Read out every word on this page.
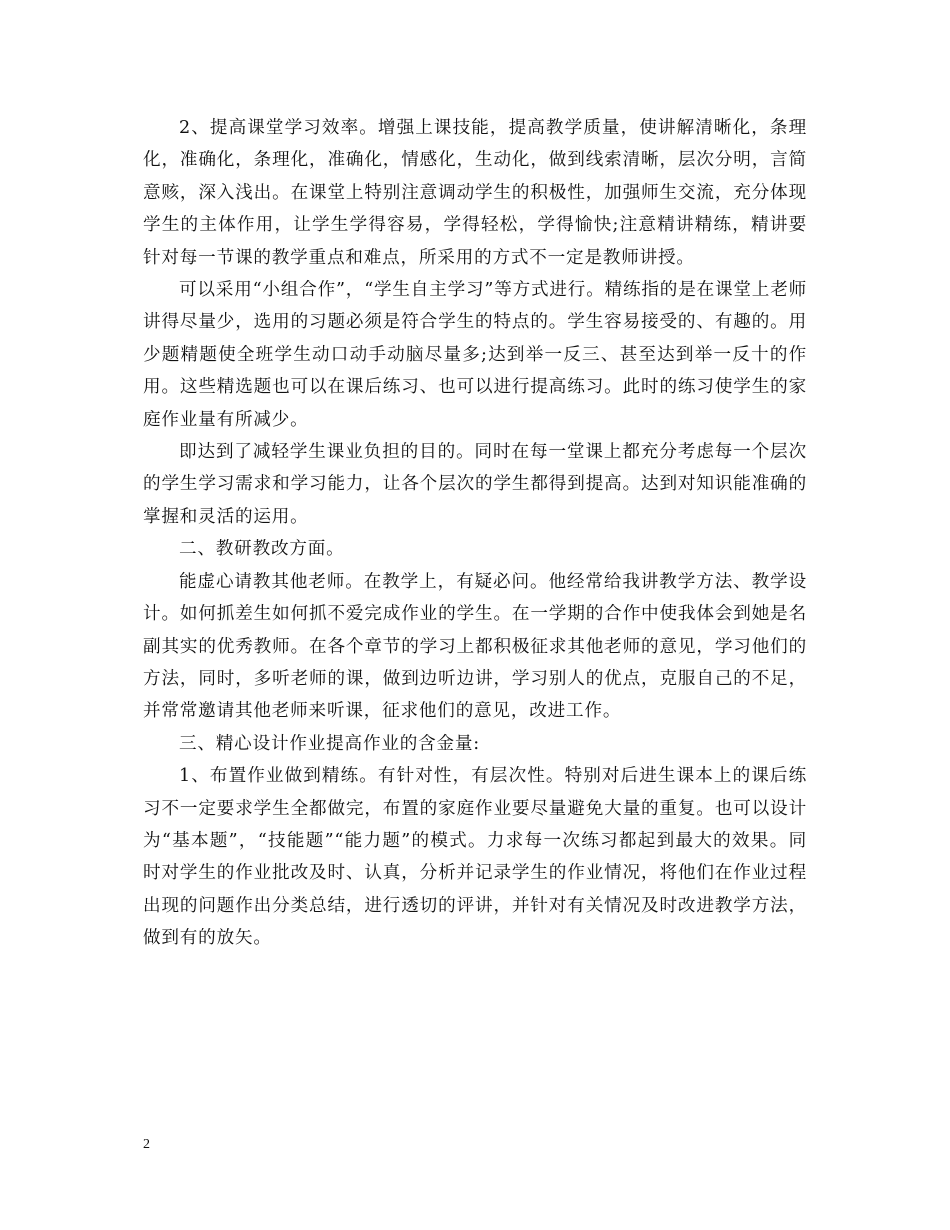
2、提高课堂学习效率。增强上课技能，提高教学质量，使讲解清晰化，条理化，准确化，条理化，准确化，情感化，生动化，做到线索清晰，层次分明，言简意赅，深入浅出。在课堂上特别注意调动学生的积极性，加强师生交流，充分体现学生的主体作用，让学生学得容易，学得轻松，学得愉快;注意精讲精练，精讲要针对每一节课的教学重点和难点，所采用的方式不一定是教师讲授。

可以采用“小组合作”，“学生自主学习”等方式进行。精练指的是在课堂上老师讲得尽量少，选用的习题必须是符合学生的特点的。学生容易接受的、有趣的。用少题精题使全班学生动口动手动脑尽量多;达到举一反三、甚至达到举一反十的作用。这些精选题也可以在课后练习、也可以进行提高练习。此时的练习使学生的家庭作业量有所减少。

即达到了减轻学生课业负担的目的。同时在每一堂课上都充分考虑每一个层次的学生学习需求和学习能力，让各个层次的学生都得到提高。达到对知识能准确的掌握和灵活的运用。

二、教研教改方面。

能虚心请教其他老师。在教学上，有疑必问。他经常给我讲教学方法、教学设计。如何抓差生如何抓不爱完成作业的学生。在一学期的合作中使我体会到她是名副其实的优秀教师。在各个章节的学习上都积极征求其他老师的意见，学习他们的方法，同时，多听老师的课，做到边听边讲，学习别人的优点，克服自己的不足，并常常邀请其他老师来听课，征求他们的意见，改进工作。

三、精心设计作业提高作业的含金量:

1、布置作业做到精练。有针对性，有层次性。特别对后进生课本上的课后练习不一定要求学生全都做完，布置的家庭作业要尽量避免大量的重复。也可以设计为“基本题”，“技能题”“能力题”的模式。力求每一次练习都起到最大的效果。同时对学生的作业批改及时、认真，分析并记录学生的作业情况，将他们在作业过程出现的问题作出分类总结，进行透切的评讲，并针对有关情况及时改进教学方法，做到有的放矢。

2
